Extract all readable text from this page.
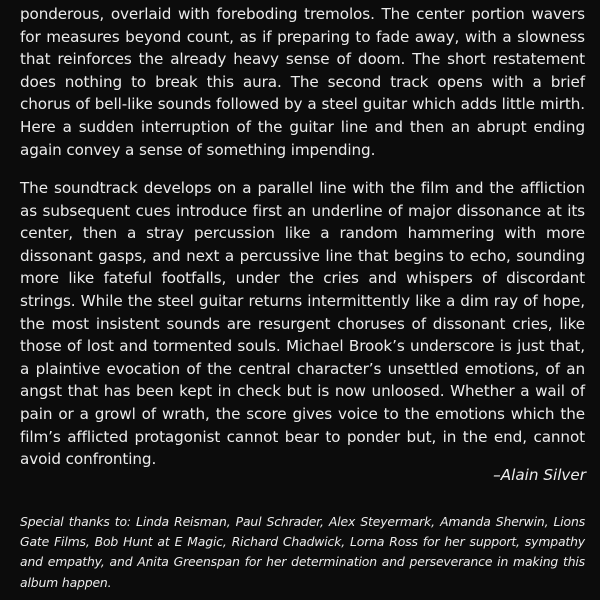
ponderous, overlaid with foreboding tremolos. The center portion wavers for measures beyond count, as if preparing to fade away, with a slowness that reinforces the already heavy sense of doom. The short restatement does nothing to break this aura. The second track opens with a brief chorus of bell-like sounds followed by a steel guitar which adds little mirth. Here a sudden interruption of the guitar line and then an abrupt ending again convey a sense of something impending.

The soundtrack develops on a parallel line with the film and the affliction as subsequent cues introduce first an underline of major dissonance at its center, then a stray percussion like a random hammering with more dissonant gasps, and next a percussive line that begins to echo, sounding more like fateful footfalls, under the cries and whispers of discordant strings. While the steel guitar returns intermittently like a dim ray of hope, the most insistent sounds are resurgent choruses of dissonant cries, like those of lost and tormented souls. Michael Brook’s underscore is just that, a plaintive evocation of the central character’s unsettled emotions, of an angst that has been kept in check but is now unloosed. Whether a wail of pain or a growl of wrath, the score gives voice to the emotions which the film’s afflicted protagonist cannot bear to ponder but, in the end, cannot avoid confronting.

–Alain Silver

Special thanks to: Linda Reisman, Paul Schrader, Alex Steyermark, Amanda Sherwin, Lions Gate Films, Bob Hunt at E Magic, Richard Chadwick, Lorna Ross for her support, sympathy and empathy, and Anita Greenspan for her determination and perseverance in making this album happen.
